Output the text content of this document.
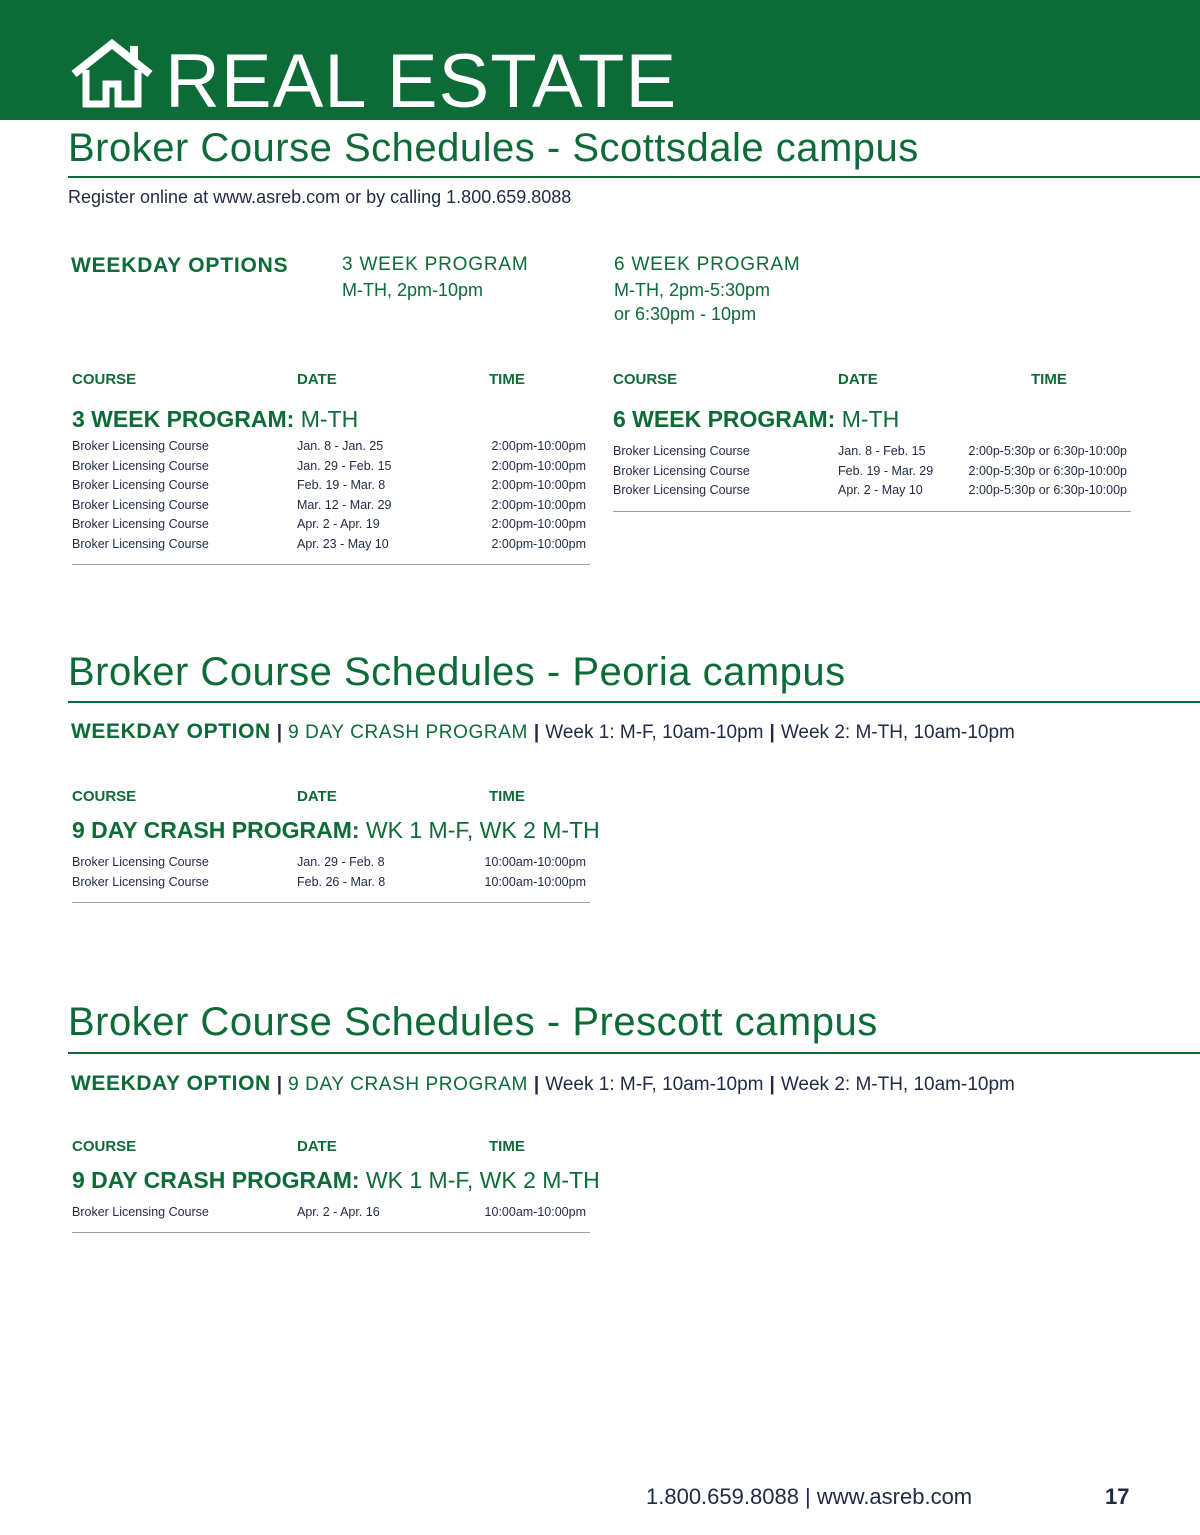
REAL ESTATE
Broker Course Schedules - Scottsdale campus
Register online at www.asreb.com or by calling 1.800.659.8088
WEEKDAY OPTIONS	3 WEEK PROGRAM
M-TH, 2pm-10pm
6 WEEK PROGRAM
M-TH, 2pm-5:30pm
or 6:30pm - 10pm
COURSE	DATE	TIME
3 WEEK PROGRAM: M-TH
Broker Licensing Course	Jan. 8 - Jan. 25	2:00pm-10:00pm
Broker Licensing Course	Jan. 29 - Feb. 15	2:00pm-10:00pm
Broker Licensing Course	Feb. 19 - Mar. 8	2:00pm-10:00pm
Broker Licensing Course	Mar. 12 - Mar. 29	2:00pm-10:00pm
Broker Licensing Course	Apr. 2 - Apr. 19	2:00pm-10:00pm
Broker Licensing Course	Apr. 23 - May 10	2:00pm-10:00pm
COURSE	DATE	TIME
6 WEEK PROGRAM: M-TH
Broker Licensing Course	Jan. 8 - Feb. 15	2:00p-5:30p or 6:30p-10:00p
Broker Licensing Course	Feb. 19 - Mar. 29	2:00p-5:30p or 6:30p-10:00p
Broker Licensing Course	Apr. 2 - May 10	2:00p-5:30p or 6:30p-10:00p
Broker Course Schedules - Peoria campus
WEEKDAY OPTION | 9 DAY CRASH PROGRAM | Week 1: M-F, 10am-10pm | Week 2: M-TH, 10am-10pm
COURSE	DATE	TIME
9 DAY CRASH PROGRAM: WK 1 M-F, WK 2 M-TH
Broker Licensing Course	Jan. 29 - Feb. 8	10:00am-10:00pm
Broker Licensing Course	Feb. 26 - Mar. 8	10:00am-10:00pm
Broker Course Schedules - Prescott campus
WEEKDAY OPTION | 9 DAY CRASH PROGRAM | Week 1: M-F, 10am-10pm | Week 2: M-TH, 10am-10pm
COURSE	DATE	TIME
9 DAY CRASH PROGRAM: WK 1 M-F, WK 2 M-TH
Broker Licensing Course	Apr. 2 - Apr. 16	10:00am-10:00pm
1.800.659.8088 | www.asreb.com	17
